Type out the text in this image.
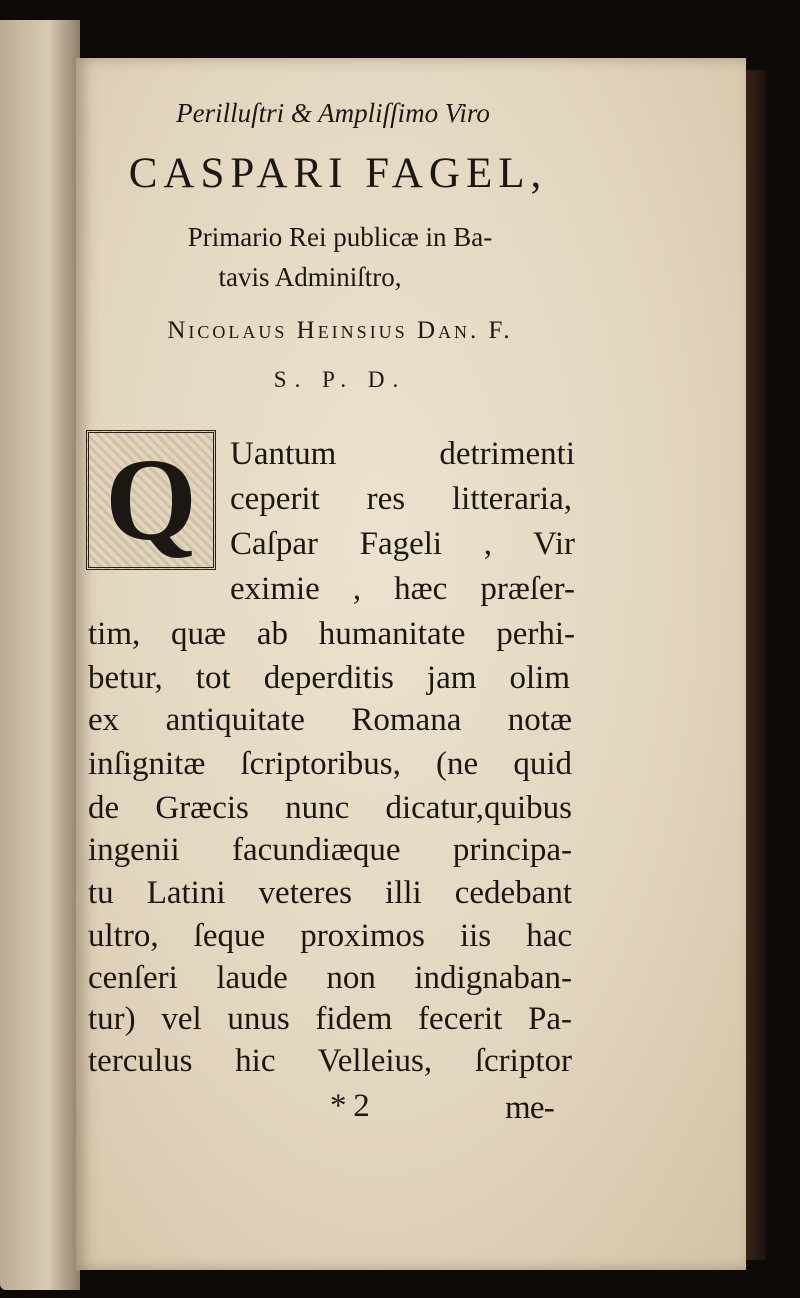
Perilluſtri & Ampliſſimo Viro
CASPARI FAGEL,
Primario Rei publicæ in Ba-
tavis Adminiſtro,
Nicolaus Heinsius Dan. F.
S. P. D.
Q Uantum detrimenti
ceperit res litteraria,
Caſpar Fageli , Vir
eximie , hæc præſer-
tim, quæ ab humanitate perhi-
betur, tot deperditis jam olim
ex antiquitate Romana notæ
inſignitæ ſcriptoribus, (ne quid
de Græcis nunc dicatur,quibus
ingenii facundiæque principa-
tu Latini veteres illi cedebant
ultro, ſeque proximos iis hac
cenſeri laude non indignaban-
tur) vel unus fidem fecerit Pa-
terculus hic Velleius, ſcriptor
* 2	me-
